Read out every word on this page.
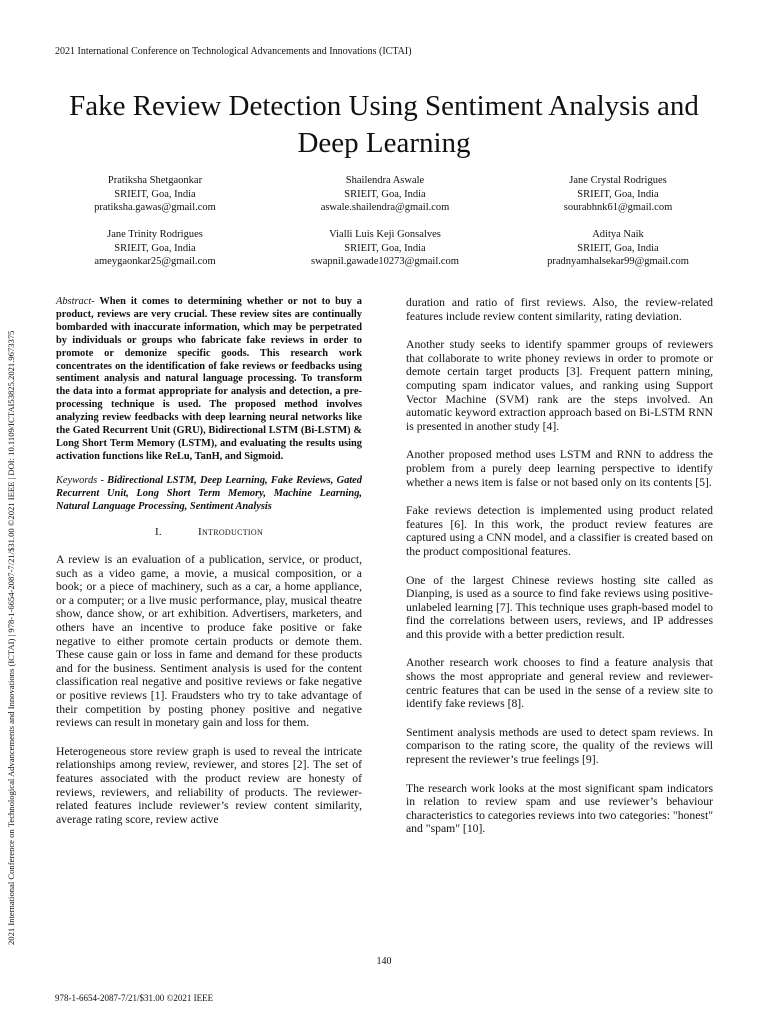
2021 International Conference on Technological Advancements and Innovations (ICTAI)
2021 International Conference on Technological Advancements and Innovations (ICTAI) | 978-1-6654-2087-7/21/$31.00 ©2021 IEEE | DOI: 10.1109/ICTAI53825.2021.9673375
Fake Review Detection Using Sentiment Analysis and Deep Learning
Pratiksha Shetgaonkar
SRIEIT, Goa, India
pratiksha.gawas@gmail.com
Shailendra Aswale
SRIEIT, Goa, India
aswale.shailendra@gmail.com
Jane Crystal Rodrigues
SRIEIT, Goa, India
sourabhnk61@gmail.com
Jane Trinity Rodrigues
SRIEIT, Goa, India
ameygaonkar25@gmail.com
Vialli Luis Keji Gonsalves
SRIEIT, Goa, India
swapnil.gawade10273@gmail.com
Aditya Naik
SRIEIT, Goa, India
pradnyamhalsekar99@gmail.com

Abstract- When it comes to determining whether or not to buy a product, reviews are very crucial. These review sites are continually bombarded with inaccurate information, which may be perpetrated by individuals or groups who fabricate fake reviews in order to promote or demonize specific goods. This research work concentrates on the identification of fake reviews or feedbacks using sentiment analysis and natural language processing. To transform the data into a format appropriate for analysis and detection, a pre-processing technique is used. The proposed method involves analyzing review feedbacks with deep learning neural networks like the Gated Recurrent Unit (GRU), Bidirectional LSTM (Bi-LSTM) & Long Short Term Memory (LSTM), and evaluating the results using activation functions like ReLu, TanH, and Sigmoid.

Keywords - Bidirectional LSTM, Deep Learning, Fake Reviews, Gated Recurrent Unit, Long Short Term Memory, Machine Learning, Natural Language Processing, Sentiment Analysis

I.	Introduction

A review is an evaluation of a publication, service, or product, such as a video game, a movie, a musical composition, or a book; or a piece of machinery, such as a car, a home appliance, or a computer; or a live music performance, play, musical theatre show, dance show, or art exhibition. Advertisers, marketers, and others have an incentive to produce fake positive or fake negative to either promote certain products or demote them. These cause gain or loss in fame and demand for these products and for the business. Sentiment analysis is used for the content classification real negative and positive reviews or fake negative or positive reviews [1]. Fraudsters who try to take advantage of their competition by posting phoney positive and negative reviews can result in monetary gain and loss for them.

Heterogeneous store review graph is used to reveal the intricate relationships among review, reviewer, and stores [2]. The set of features associated with the product review are honesty of reviews, reviewers, and reliability of products. The reviewer-related features include reviewer’s review content similarity, average rating score, review active

duration and ratio of first reviews. Also, the review-related features include review content similarity, rating deviation.

Another study seeks to identify spammer groups of reviewers that collaborate to write phoney reviews in order to promote or demote certain target products [3]. Frequent pattern mining, computing spam indicator values, and ranking using Support Vector Machine (SVM) rank are the steps involved. An automatic keyword extraction approach based on Bi-LSTM RNN is presented in another study [4].

Another proposed method uses LSTM and RNN to address the problem from a purely deep learning perspective to identify whether a news item is false or not based only on its contents [5].

Fake reviews detection is implemented using product related features [6]. In this work, the product review features are captured using a CNN model, and a classifier is created based on the product compositional features.

One of the largest Chinese reviews hosting site called as Dianping, is used as a source to find fake reviews using positive-unlabeled learning [7]. This technique uses graph-based model to find the correlations between users, reviews, and IP addresses and this provide with a better prediction result.

Another research work chooses to find a feature analysis that shows the most appropriate and general review and reviewer-centric features that can be used in the sense of a review site to identify fake reviews [8].

Sentiment analysis methods are used to detect spam reviews. In comparison to the rating score, the quality of the reviews will represent the reviewer’s true feelings [9].

The research work looks at the most significant spam indicators in relation to review spam and use reviewer’s behaviour characteristics to categories reviews into two categories: "honest" and "spam" [10].

140
978-1-6654-2087-7/21/$31.00 ©2021 IEEE
